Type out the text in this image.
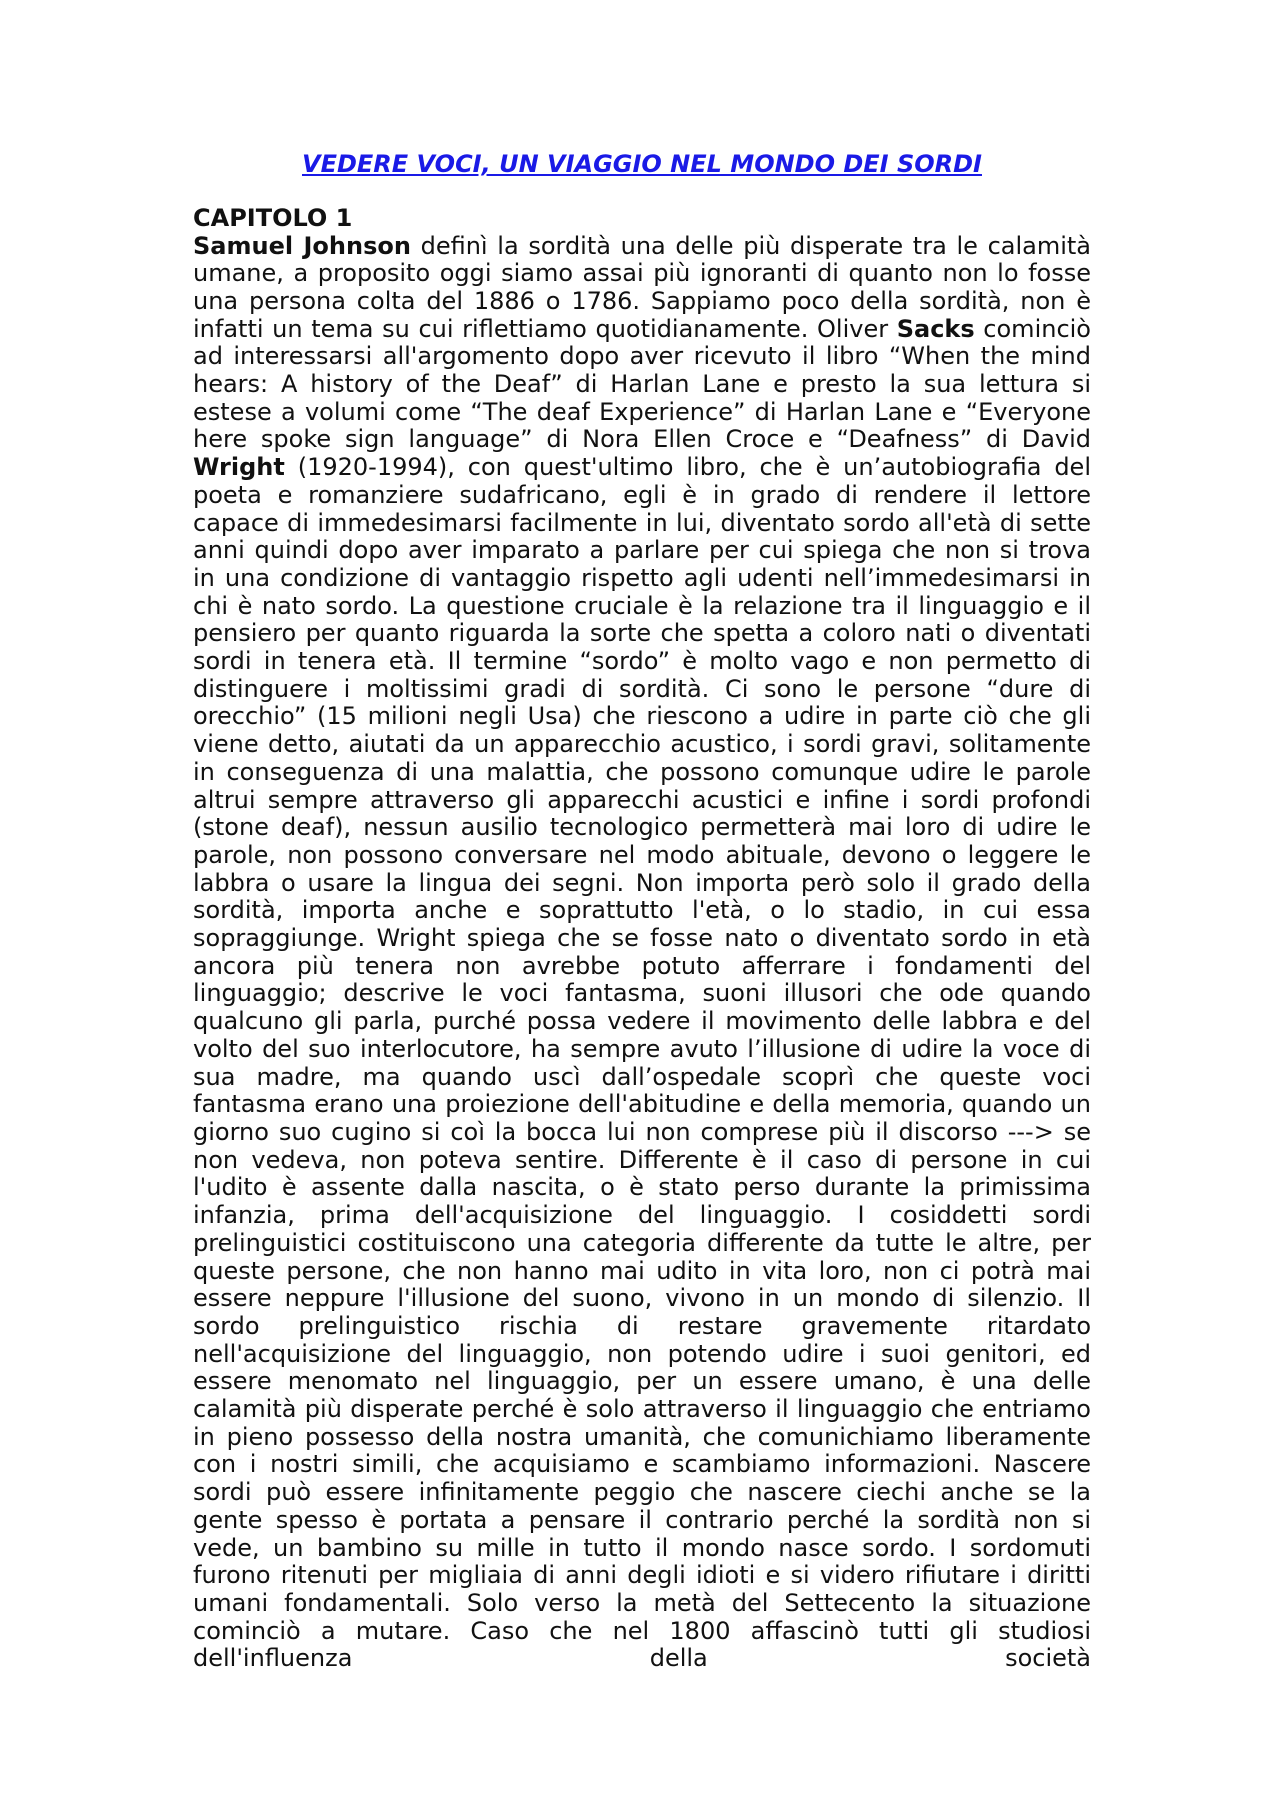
VEDERE VOCI, UN VIAGGIO NEL MONDO DEI SORDI
CAPITOLO 1

Samuel Johnson definì la sordità una delle più disperate tra le calamità umane, a proposito oggi siamo assai più ignoranti di quanto non lo fosse una persona colta del 1886 o 1786. Sappiamo poco della sordità, non è infatti un tema su cui riflettiamo quotidianamente. Oliver Sacks cominciò ad interessarsi all'argomento dopo aver ricevuto il libro “When the mind hears: A history of the Deaf” di Harlan Lane e presto la sua lettura si estese a volumi come “The deaf Experience” di Harlan Lane e “Everyone here spoke sign language” di Nora Ellen Croce e “Deafness” di David Wright (1920-1994), con quest'ultimo libro, che è un’autobiografia del poeta e romanziere sudafricano, egli è in grado di rendere il lettore capace di immedesimarsi facilmente in lui, diventato sordo all'età di sette anni quindi dopo aver imparato a parlare per cui spiega che non si trova in una condizione di vantaggio rispetto agli udenti nell’immedesimarsi in chi è nato sordo. La questione cruciale è la relazione tra il linguaggio e il pensiero per quanto riguarda la sorte che spetta a coloro nati o diventati sordi in tenera età. Il termine “sordo” è molto vago e non permetto di distinguere i moltissimi gradi di sordità. Ci sono le persone “dure di orecchio” (15 milioni negli Usa) che riescono a udire in parte ciò che gli viene detto, aiutati da un apparecchio acustico, i sordi gravi, solitamente in conseguenza di una malattia, che possono comunque udire le parole altrui sempre attraverso gli apparecchi acustici e infine i sordi profondi (stone deaf), nessun ausilio tecnologico permetterà mai loro di udire le parole, non possono conversare nel modo abituale, devono o leggere le labbra o usare la lingua dei segni. Non importa però solo il grado della sordità, importa anche e soprattutto l'età, o lo stadio, in cui essa sopraggiunge. Wright spiega che se fosse nato o diventato sordo in età ancora più tenera non avrebbe potuto afferrare i fondamenti del linguaggio; descrive le voci fantasma, suoni illusori che ode quando qualcuno gli parla, purché possa vedere il movimento delle labbra e del volto del suo interlocutore, ha sempre avuto l’illusione di udire la voce di sua madre, ma quando uscì dall’ospedale scoprì che queste voci fantasma erano una proiezione dell'abitudine e della memoria, quando un giorno suo cugino si coì la bocca lui non comprese più il discorso ---> se non vedeva, non poteva sentire. Differente è il caso di persone in cui l'udito è assente dalla nascita, o è stato perso durante la primissima infanzia, prima dell'acquisizione del linguaggio. I cosiddetti sordi prelinguistici costituiscono una categoria differente da tutte le altre, per queste persone, che non hanno mai udito in vita loro, non ci potrà mai essere neppure l'illusione del suono, vivono in un mondo di silenzio. Il sordo prelinguistico rischia di restare gravemente ritardato nell'acquisizione del linguaggio, non potendo udire i suoi genitori, ed essere menomato nel linguaggio, per un essere umano, è una delle calamità più disperate perché è solo attraverso il linguaggio che entriamo in pieno possesso della nostra umanità, che comunichiamo liberamente con i nostri simili, che acquisiamo e scambiamo informazioni. Nascere sordi può essere infinitamente peggio che nascere ciechi anche se la gente spesso è portata a pensare il contrario perché la sordità non si vede, un bambino su mille in tutto il mondo nasce sordo. I sordomuti furono ritenuti per migliaia di anni degli idioti e si videro rifiutare i diritti umani fondamentali. Solo verso la metà del Settecento la situazione cominciò a mutare. Caso che nel 1800 affascinò tutti gli studiosi dell'influenza della società
